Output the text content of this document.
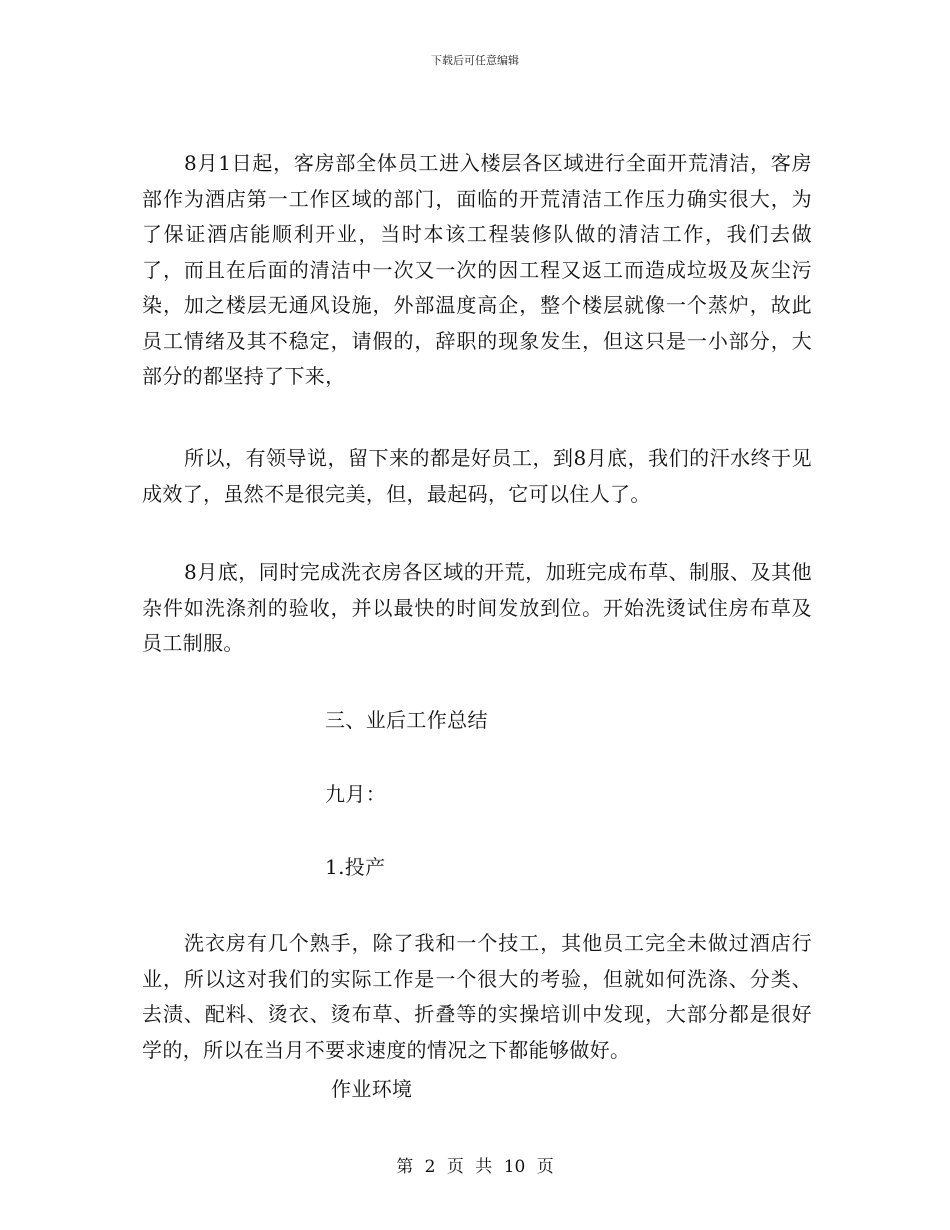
下载后可任意编辑

8月1日起，客房部全体员工进入楼层各区域进行全面开荒清洁，客房部作为酒店第一工作区域的部门，面临的开荒清洁工作压力确实很大，为了保证酒店能顺利开业，当时本该工程装修队做的清洁工作，我们去做了，而且在后面的清洁中一次又一次的因工程又返工而造成垃圾及灰尘污染，加之楼层无通风设施，外部温度高企，整个楼层就像一个蒸炉，故此员工情绪及其不稳定，请假的，辞职的现象发生，但这只是一小部分，大部分的都坚持了下来，

所以，有领导说，留下来的都是好员工，到8月底，我们的汗水终于见成效了，虽然不是很完美，但，最起码，它可以住人了。

8月底，同时完成洗衣房各区域的开荒，加班完成布草、制服、及其他杂件如洗涤剂的验收，并以最快的时间发放到位。开始洗烫试住房布草及员工制服。

三、业后工作总结

九月：

1.投产

洗衣房有几个熟手，除了我和一个技工，其他员工完全未做过酒店行业，所以这对我们的实际工作是一个很大的考验，但就如何洗涤、分类、去渍、配料、烫衣、烫布草、折叠等的实操培训中发现，大部分都是很好学的，所以在当月不要求速度的情况之下都能够做好。

作业环境

第 2 页 共 10 页
